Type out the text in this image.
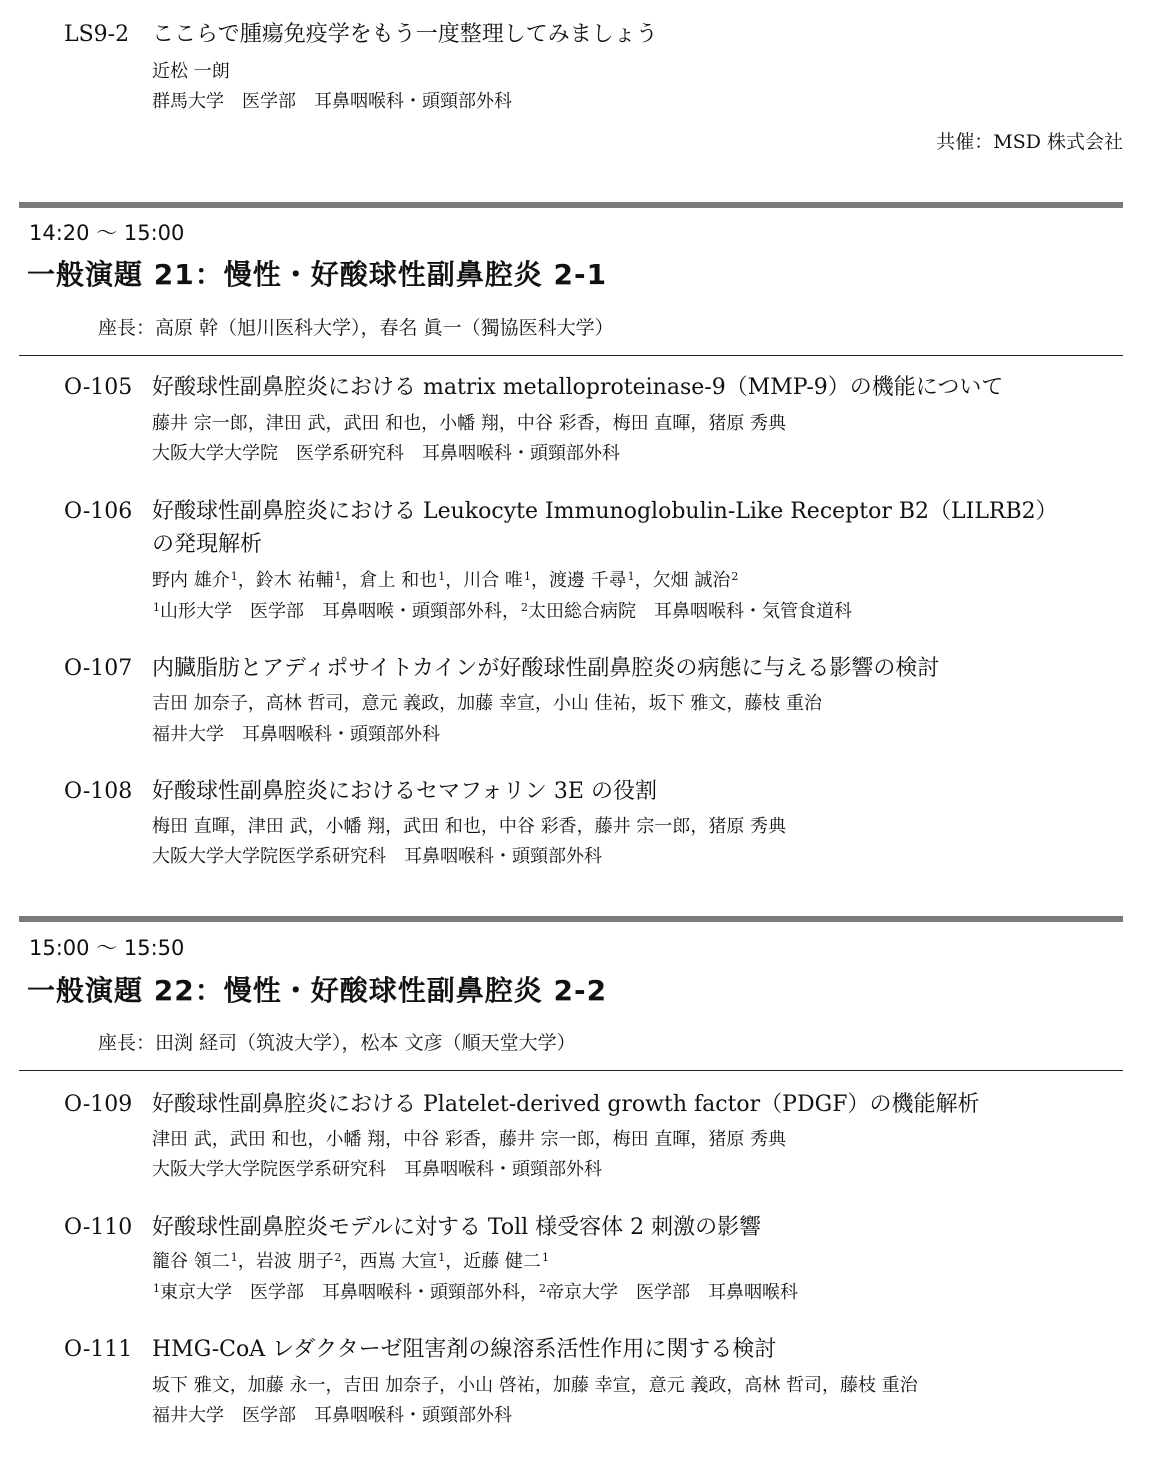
LS9-2 ここらで腫瘍免疫学をもう一度整理してみましょう
近松 一朗
群馬大学　医学部　耳鼻咽喉科・頭頸部外科
共催：MSD 株式会社
14:20 ～ 15:00
一般演題 21：慢性・好酸球性副鼻腔炎 2-1
座長：高原 幹（旭川医科大学），春名 眞一（獨協医科大学）
O-105 好酸球性副鼻腔炎における matrix metalloproteinase-9（MMP-9）の機能について
藤井 宗一郎，津田 武，武田 和也，小幡 翔，中谷 彩香，梅田 直暉，猪原 秀典
大阪大学大学院　医学系研究科　耳鼻咽喉科・頭頸部外科
O-106 好酸球性副鼻腔炎における Leukocyte Immunoglobulin-Like Receptor B2（LILRB2）
の発現解析
野内 雄介$^1$，鈴木 祐輔$^1$，倉上 和也$^1$，川合 唯$^1$，渡邊 千尋$^1$，欠畑 誠治$^2$
$^1$山形大学　医学部　耳鼻咽喉・頭頸部外科，$^2$太田総合病院　耳鼻咽喉科・気管食道科
O-107 内臓脂肪とアディポサイトカインが好酸球性副鼻腔炎の病態に与える影響の検討
吉田 加奈子，高林 哲司，意元 義政，加藤 幸宣，小山 佳祐，坂下 雅文，藤枝 重治
福井大学　耳鼻咽喉科・頭頸部外科
O-108 好酸球性副鼻腔炎におけるセマフォリン 3E の役割
梅田 直暉，津田 武，小幡 翔，武田 和也，中谷 彩香，藤井 宗一郎，猪原 秀典
大阪大学大学院医学系研究科　耳鼻咽喉科・頭頸部外科
15:00 ～ 15:50
一般演題 22：慢性・好酸球性副鼻腔炎 2-2
座長：田渕 経司（筑波大学），松本 文彦（順天堂大学）
O-109 好酸球性副鼻腔炎における Platelet-derived growth factor（PDGF）の機能解析
津田 武，武田 和也，小幡 翔，中谷 彩香，藤井 宗一郎，梅田 直暉，猪原 秀典
大阪大学大学院医学系研究科　耳鼻咽喉科・頭頸部外科
O-110 好酸球性副鼻腔炎モデルに対する Toll 様受容体 2 刺激の影響
籠谷 領二$^1$，岩波 朋子$^2$，西嶌 大宣$^1$，近藤 健二$^1$
$^1$東京大学　医学部　耳鼻咽喉科・頭頸部外科，$^2$帝京大学　医学部　耳鼻咽喉科
O-111 HMG-CoA レダクターゼ阻害剤の線溶系活性作用に関する検討
坂下 雅文，加藤 永一，吉田 加奈子，小山 啓祐，加藤 幸宣，意元 義政，高林 哲司，藤枝 重治
福井大学　医学部　耳鼻咽喉科・頭頸部外科
